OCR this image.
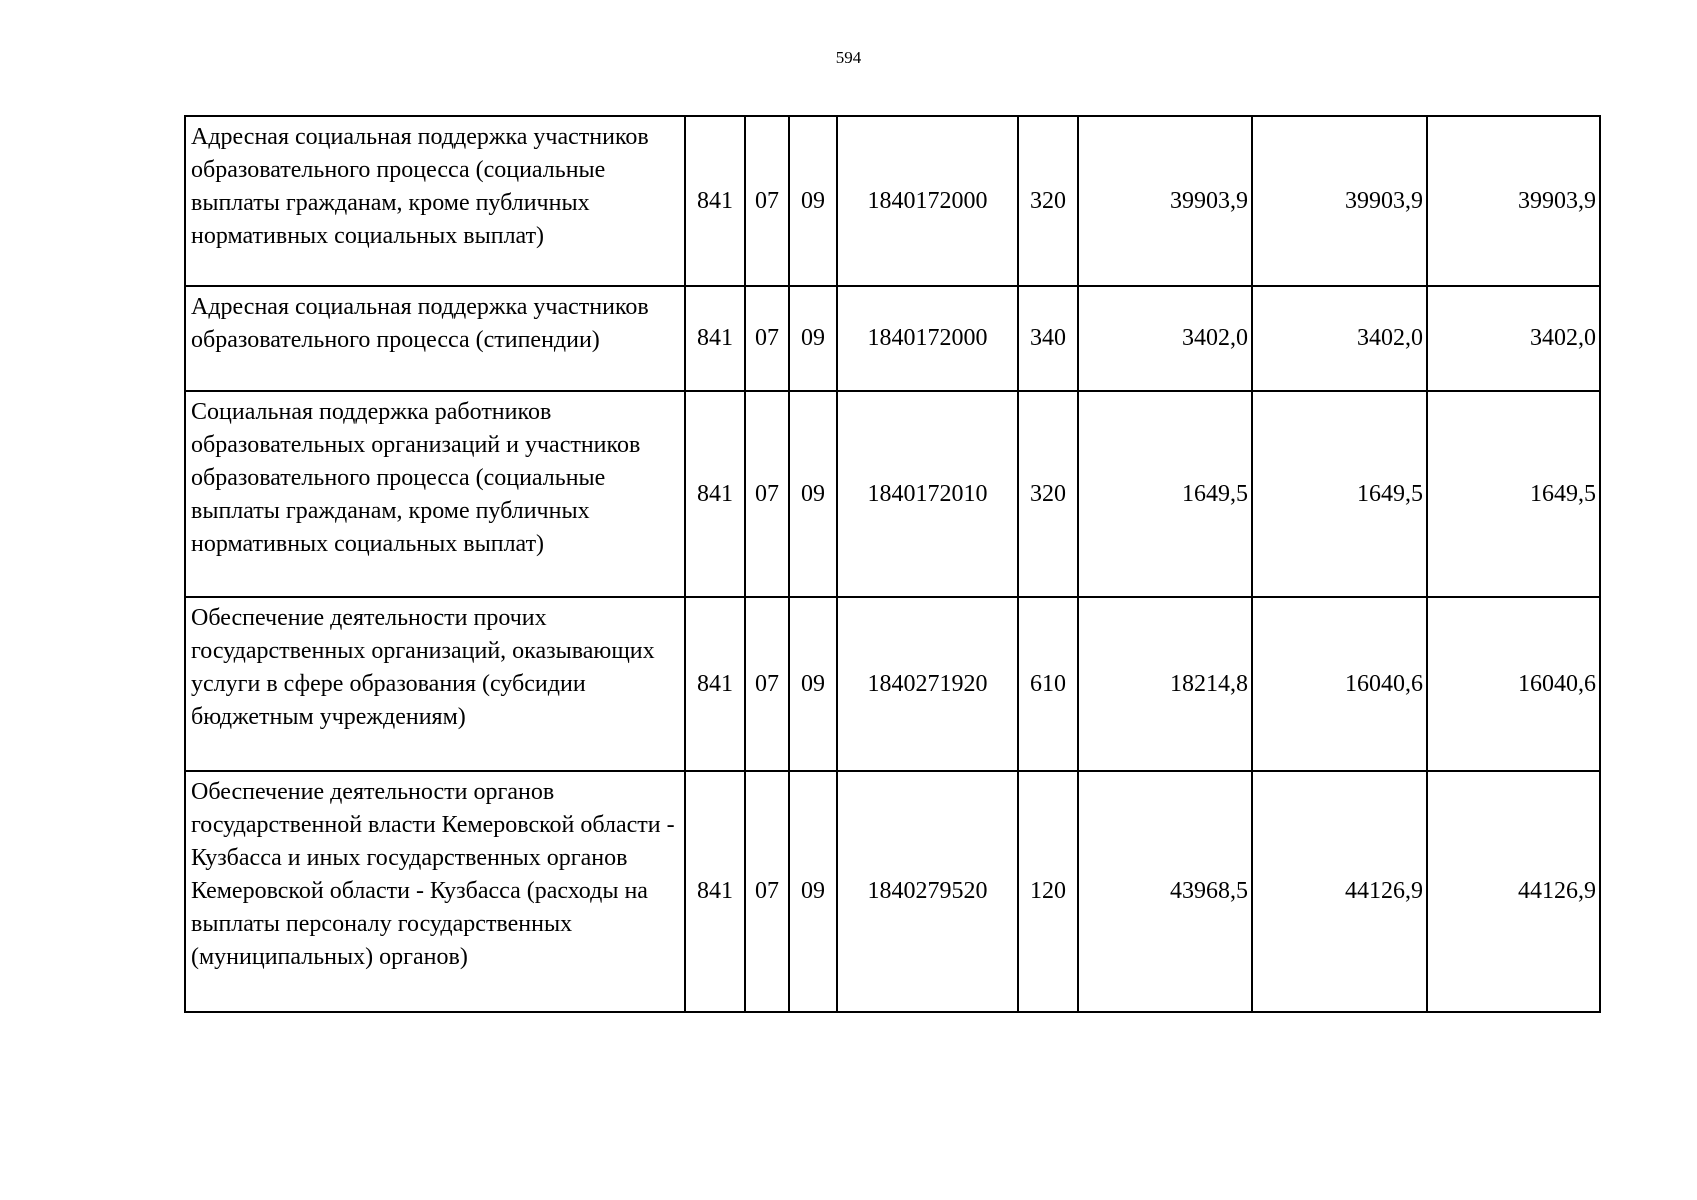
594
Адресная социальная поддержка участников образовательного процесса (социальные выплаты гражданам, кроме публичных нормативных социальных выплат)	841	07	09	1840172000	320	39903,9	39903,9	39903,9
Адресная социальная поддержка участников образовательного процесса (стипендии)	841	07	09	1840172000	340	3402,0	3402,0	3402,0
Социальная поддержка работников образовательных организаций и участников образовательного процесса (социальные выплаты гражданам, кроме публичных нормативных социальных выплат)	841	07	09	1840172010	320	1649,5	1649,5	1649,5
Обеспечение деятельности прочих государственных организаций, оказывающих услуги в сфере образования (субсидии бюджетным учреждениям)	841	07	09	1840271920	610	18214,8	16040,6	16040,6
Обеспечение деятельности органов государственной власти Кемеровской области - Кузбасса и иных государственных органов Кемеровской области - Кузбасса (расходы на выплаты персоналу государственных (муниципальных) органов)	841	07	09	1840279520	120	43968,5	44126,9	44126,9
